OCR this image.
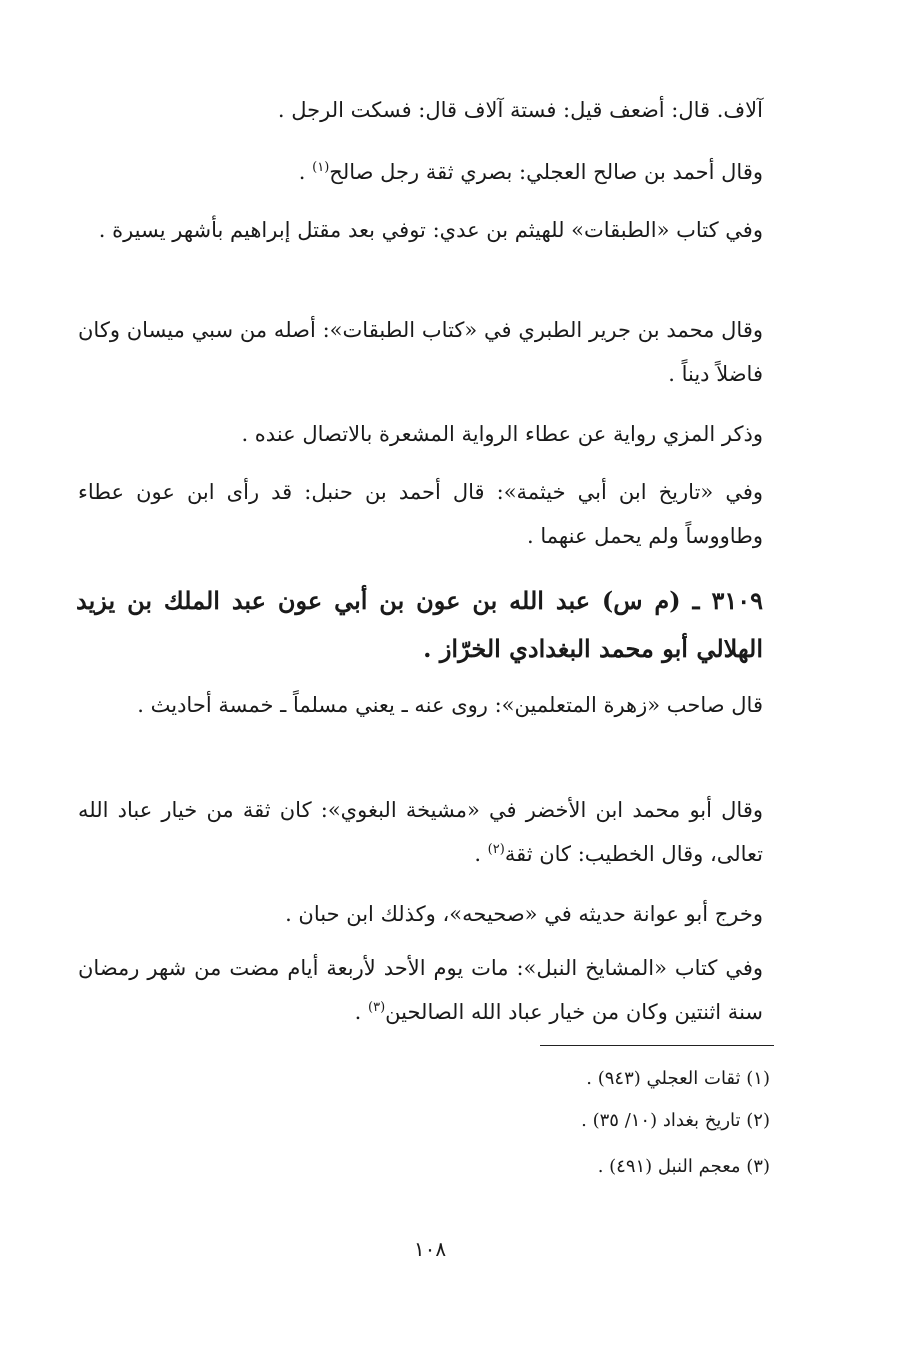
آلاف. قال: أضعف قيل: فستة آلاف قال: فسكت الرجل .
وقال أحمد بن صالح العجلي: بصري ثقة رجل صالح$^{(١)}$ .
وفي كتاب «الطبقات» للهيثم بن عدي: توفي بعد مقتل إبراهيم بأشهر يسيرة .
وقال محمد بن جرير الطبري في «كتاب الطبقات»: أصله من سبي ميسان وكان فاضلاً ديناً .
وذكر المزي رواية عن عطاء الرواية المشعرة بالاتصال عنده .
وفي «تاريخ ابن أبي خيثمة»: قال أحمد بن حنبل: قد رأى ابن عون عطاء وطاووساً ولم يحمل عنهما .
٣١٠٩ ـ (م س) عبد الله بن عون بن أبي عون عبد الملك بن يزيد الهلالي أبو محمد البغدادي الخرّاز .
قال صاحب «زهرة المتعلمين»: روى عنه ـ يعني مسلماً ـ خمسة أحاديث .
وقال أبو محمد ابن الأخضر في «مشيخة البغوي»: كان ثقة من خيار عباد الله تعالى، وقال الخطيب: كان ثقة$^{(٢)}$ .
وخرج أبو عوانة حديثه في «صحيحه»، وكذلك ابن حبان .
وفي كتاب «المشايخ النبل»: مات يوم الأحد لأربعة أيام مضت من شهر رمضان سنة اثنتين وكان من خيار عباد الله الصالحين$^{(٣)}$ .
(١) ثقات العجلي (٩٤٣) .
(٢) تاريخ بغداد (١٠/ ٣٥) .
(٣) معجم النبل (٤٩١) .
١٠٨
